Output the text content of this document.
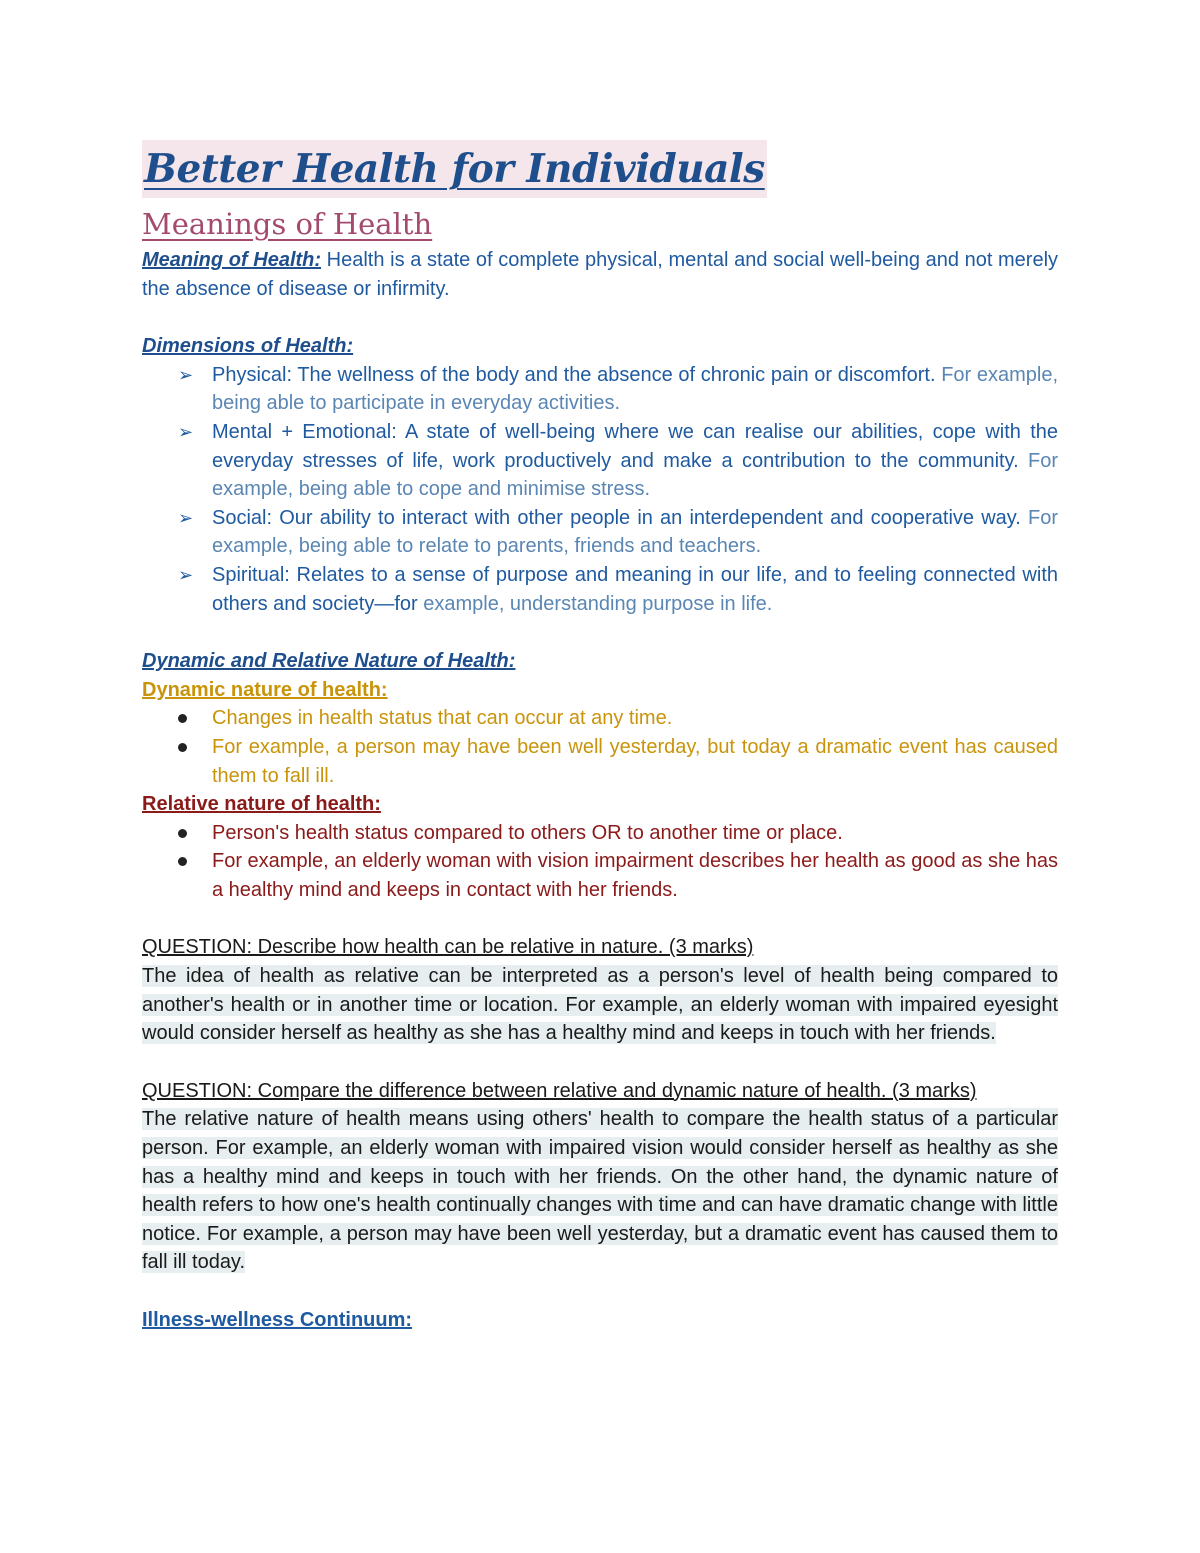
Better Health for Individuals
Meanings of Health
Meaning of Health: Health is a state of complete physical, mental and social well-being and not merely the absence of disease or infirmity.
Dimensions of Health:
➢ Physical: The wellness of the body and the absence of chronic pain or discomfort. For example, being able to participate in everyday activities.
➢ Mental + Emotional: A state of well-being where we can realise our abilities, cope with the everyday stresses of life, work productively and make a contribution to the community. For example, being able to cope and minimise stress.
➢ Social: Our ability to interact with other people in an interdependent and cooperative way. For example, being able to relate to parents, friends and teachers.
➢ Spiritual: Relates to a sense of purpose and meaning in our life, and to feeling connected with others and society—for example, understanding purpose in life.
Dynamic and Relative Nature of Health:
Dynamic nature of health:
Changes in health status that can occur at any time.
For example, a person may have been well yesterday, but today a dramatic event has caused them to fall ill.
Relative nature of health:
Person's health status compared to others OR to another time or place.
For example, an elderly woman with vision impairment describes her health as good as she has a healthy mind and keeps in contact with her friends.
QUESTION: Describe how health can be relative in nature. (3 marks)
The idea of health as relative can be interpreted as a person's level of health being compared to another's health or in another time or location. For example, an elderly woman with impaired eyesight would consider herself as healthy as she has a healthy mind and keeps in touch with her friends.
QUESTION: Compare the difference between relative and dynamic nature of health. (3 marks)
The relative nature of health means using others' health to compare the health status of a particular person. For example, an elderly woman with impaired vision would consider herself as healthy as she has a healthy mind and keeps in touch with her friends. On the other hand, the dynamic nature of health refers to how one's health continually changes with time and can have dramatic change with little notice. For example, a person may have been well yesterday, but a dramatic event has caused them to fall ill today.
Illness-wellness Continuum:
